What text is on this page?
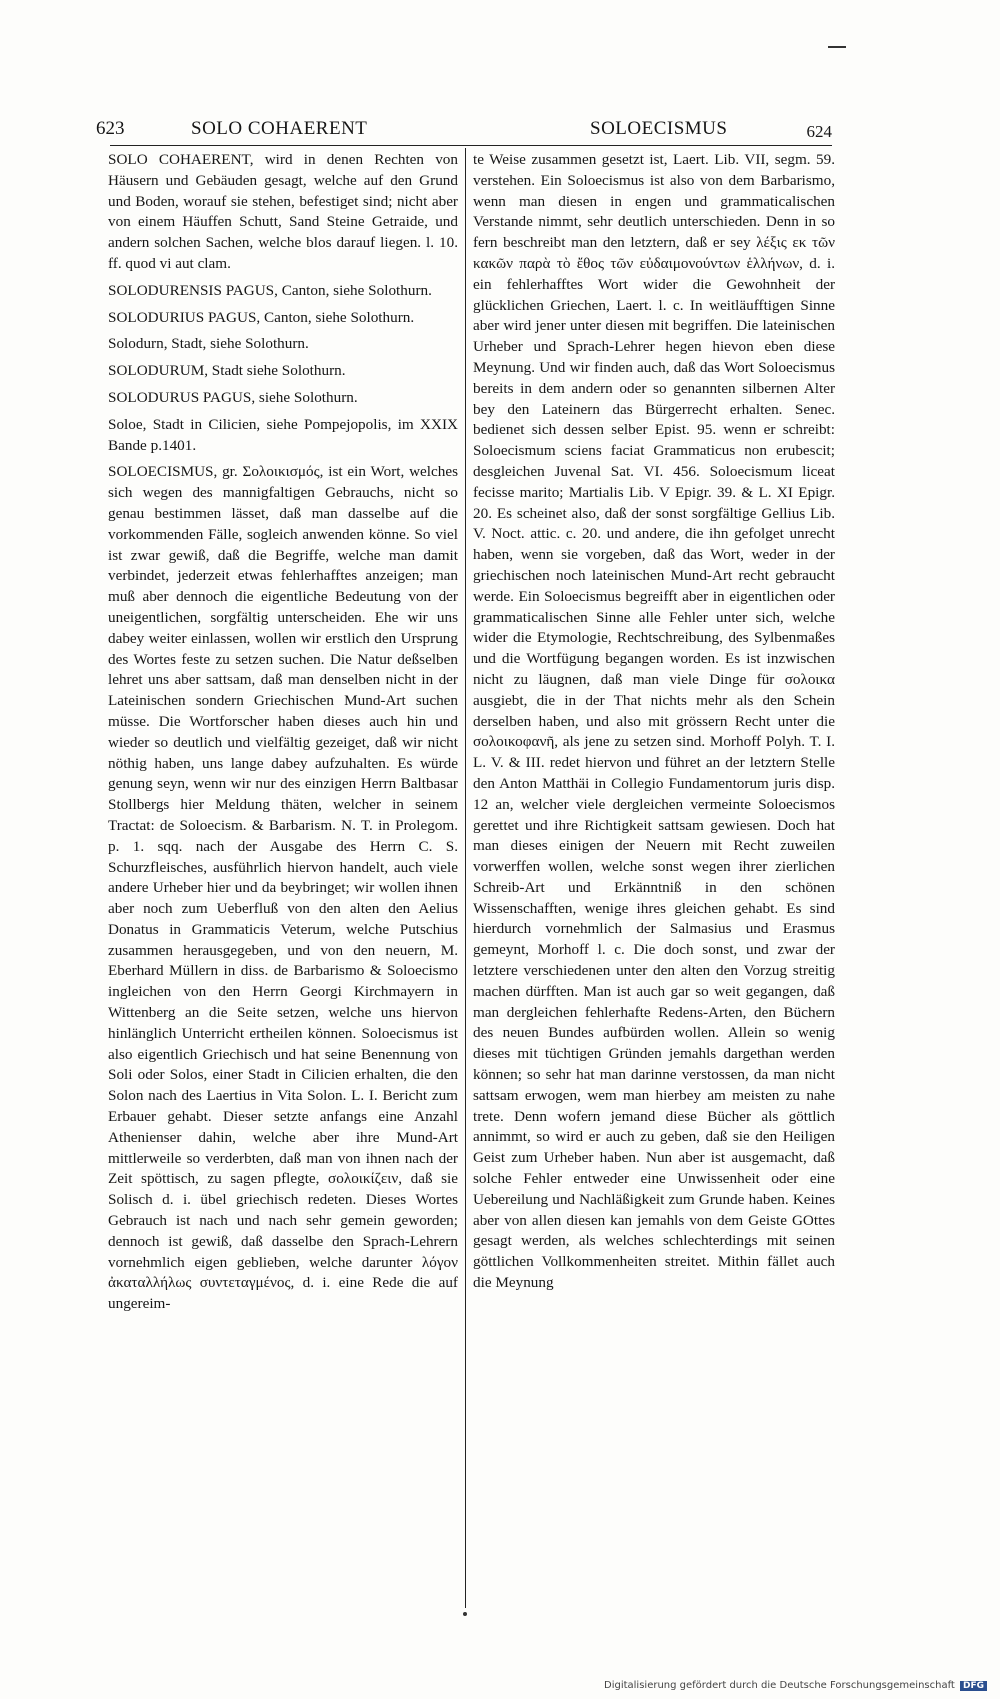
623	SOLO COHAERENT	SOLOECISMUS	624

SOLO COHAERENT, wird in denen Rechten von Häusern und Gebäuden gesagt, welche auf den Grund und Boden, worauf sie stehen, befestiget sind; nicht aber von einem Häuffen Schutt, Sand Steine Getraide, und andern solchen Sachen, welche blos darauf liegen. l. 10. ff. quod vi aut clam.

SOLODURENSIS PAGUS, Canton, siehe Solothurn.

SOLODURIUS PAGUS, Canton, siehe Solothurn.

Solodurn, Stadt, siehe Solothurn.

SOLODURUM, Stadt siehe Solothurn.

SOLODURUS PAGUS, siehe Solothurn.

Soloe, Stadt in Cilicien, siehe Pompejopolis, im XXIX Bande p.1401.

SOLOECISMUS, gr. Σολοικισμός, ist ein Wort, welches sich wegen des mannigfaltigen Gebrauchs, nicht so genau bestimmen lässet, daß man dasselbe auf die vorkommenden Fälle, sogleich anwenden könne. So viel ist zwar gewiß, daß die Begriffe, welche man damit verbindet, jederzeit etwas fehlerhafftes anzeigen; man muß aber dennoch die eigentliche Bedeutung von der uneigentlichen, sorgfältig unterscheiden. Ehe wir uns dabey weiter einlassen, wollen wir erstlich den Ursprung des Wortes feste zu setzen suchen. Die Natur deßselben lehret uns aber sattsam, daß man denselben nicht in der Lateinischen sondern Griechischen Mund-Art suchen müsse. Die Wortforscher haben dieses auch hin und wieder so deutlich und vielfältig gezeiget, daß wir nicht nöthig haben, uns lange dabey aufzuhalten. Es würde genung seyn, wenn wir nur des einzigen Herrn Baltbasar Stollbergs hier Meldung thäten, welcher in seinem Tractat: de Soloecism. & Barbarism. N. T. in Prolegom. p. 1. sqq. nach der Ausgabe des Herrn C. S. Schurzfleisches, ausführlich hiervon handelt, auch viele andere Urheber hier und da beybringet; wir wollen ihnen aber noch zum Ueberfluß von den alten den Aelius Donatus in Grammaticis Veterum, welche Putschius zusammen herausgegeben, und von den neuern, M. Eberhard Müllern in diss. de Barbarismo & Soloecismo ingleichen von den Herrn Georgi Kirchmayern in Wittenberg an die Seite setzen, welche uns hiervon hinlänglich Unterricht ertheilen können. Soloecismus ist also eigentlich Griechisch und hat seine Benennung von Soli oder Solos, einer Stadt in Cilicien erhalten, die den Solon nach des Laertius in Vita Solon. L. I. Bericht zum Erbauer gehabt. Dieser setzte anfangs eine Anzahl Athenienser dahin, welche aber ihre Mund-Art mittlerweile so verderbten, daß man von ihnen nach der Zeit spöttisch, zu sagen pflegte, σολοικίζειν, daß sie Solisch d. i. übel griechisch redeten. Dieses Wortes Gebrauch ist nach und nach sehr gemein geworden; dennoch ist gewiß, daß dasselbe den Sprach-Lehrern vornehmlich eigen geblieben, welche darunter λόγον ἀκαταλλήλως συντεταγμένος, d. i. eine Rede die auf ungereim-

te Weise zusammen gesetzt ist, Laert. Lib. VII, segm. 59. verstehen. Ein Soloecismus ist also von dem Barbarismo, wenn man diesen in engen und grammaticalischen Verstande nimmt, sehr deutlich unterschieden. Denn in so fern beschreibt man den letztern, daß er sey λέξις εκ τῶν κακῶν παρὰ τὸ ἔθος τῶν εὐδαιμονούντων ἑλλήνων, d. i. ein fehlerhafftes Wort wider die Gewohnheit der glücklichen Griechen, Laert. l. c. In weitläufftigen Sinne aber wird jener unter diesen mit begriffen. Die lateinischen Urheber und Sprach-Lehrer hegen hievon eben diese Meynung. Und wir finden auch, daß das Wort Soloecismus bereits in dem andern oder so genannten silbernen Alter bey den Lateinern das Bürgerrecht erhalten. Senec. bedienet sich dessen selber Epist. 95. wenn er schreibt: Soloecismum sciens faciat Grammaticus non erubescit; desgleichen Juvenal Sat. VI. 456. Soloecismum liceat fecisse marito; Martialis Lib. V Epigr. 39. & L. XI Epigr. 20. Es scheinet also, daß der sonst sorgfältige Gellius Lib. V. Noct. attic. c. 20. und andere, die ihn gefolget unrecht haben, wenn sie vorgeben, daß das Wort, weder in der griechischen noch lateinischen Mund-Art recht gebraucht werde. Ein Soloecismus begreifft aber in eigentlichen oder grammaticalischen Sinne alle Fehler unter sich, welche wider die Etymologie, Rechtschreibung, des Sylbenmaßes und die Wortfügung begangen worden. Es ist inzwischen nicht zu läugnen, daß man viele Dinge für σολοικα ausgiebt, die in der That nichts mehr als den Schein derselben haben, und also mit grössern Recht unter die σολοικοφανῆ, als jene zu setzen sind. Morhoff Polyh. T. I. L. V. & III. redet hiervon und führet an der letztern Stelle den Anton Matthäi in Collegio Fundamentorum juris disp. 12 an, welcher viele dergleichen vermeinte Soloecismos gerettet und ihre Richtigkeit sattsam gewiesen. Doch hat man dieses einigen der Neuern mit Recht zuweilen vorwerffen wollen, welche sonst wegen ihrer zierlichen Schreib-Art und Erkänntniß in den schönen Wissenschafften, wenige ihres gleichen gehabt. Es sind hierdurch vornehmlich der Salmasius und Erasmus gemeynt, Morhoff l. c. Die doch sonst, und zwar der letztere verschiedenen unter den alten den Vorzug streitig machen dürfften. Man ist auch gar so weit gegangen, daß man dergleichen fehlerhafte Redens-Arten, den Büchern des neuen Bundes aufbürden wollen. Allein so wenig dieses mit tüchtigen Gründen jemahls dargethan werden können; so sehr hat man darinne verstossen, da man nicht sattsam erwogen, wem man hierbey am meisten zu nahe trete. Denn wofern jemand diese Bücher als göttlich annimmt, so wird er auch zu geben, daß sie den Heiligen Geist zum Urheber haben. Nun aber ist ausgemacht, daß solche Fehler entweder eine Unwissenheit oder eine Uebereilung und Nachläßigkeit zum Grunde haben. Keines aber von allen diesen kan jemahls von dem Geiste GOttes gesagt werden, als welches schlechterdings mit seinen göttlichen Vollkommenheiten streitet. Mithin fället auch die Meynung

Digitalisierung gefördert durch die Deutsche Forschungsgemeinschaft DFG
